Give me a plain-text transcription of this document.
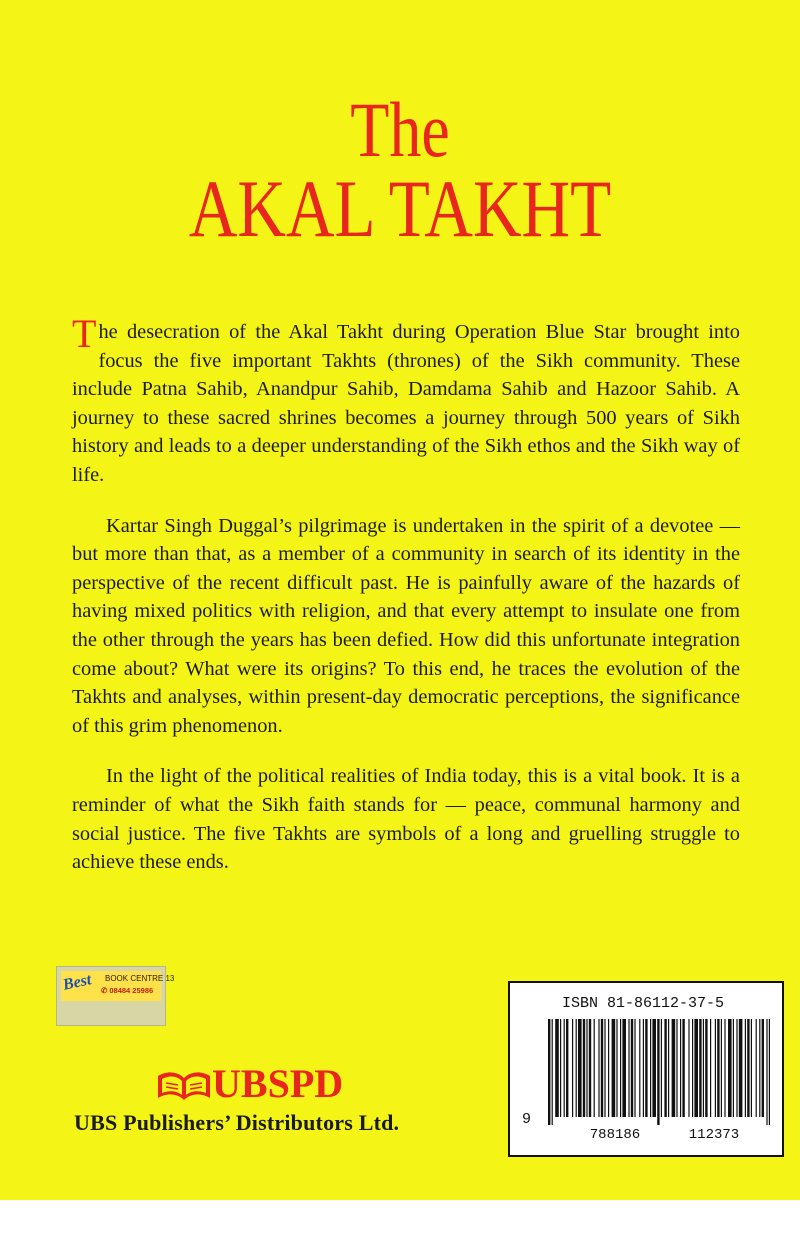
The
AKAL TAKHT

The desecration of the Akal Takht during Operation Blue Star brought into focus the five important Takhts (thrones) of the Sikh community. These include Patna Sahib, Anandpur Sahib, Damdama Sahib and Hazoor Sahib. A journey to these sacred shrines becomes a journey through 500 years of Sikh history and leads to a deeper understanding of the Sikh ethos and the Sikh way of life.

Kartar Singh Duggal’s pilgrimage is undertaken in the spirit of a devotee — but more than that, as a member of a community in search of its identity in the perspective of the recent difficult past. He is painfully aware of the hazards of having mixed politics with religion, and that every attempt to insulate one from the other through the years has been defied. How did this unfortunate integration come about? What were its origins? To this end, he traces the evolution of the Takhts and analyses, within present-day democratic perceptions, the significance of this grim phenomenon.

In the light of the political realities of India today, this is a vital book. It is a reminder of what the Sikh faith stands for — peace, communal harmony and social justice. The five Takhts are symbols of a long and gruelling struggle to achieve these ends.

Best BOOK CENTRE 13
✆ 08484 25986
UBSPD
UBS Publishers’ Distributors Ltd.
ISBN 81-86112-37-5
9
788186	112373
